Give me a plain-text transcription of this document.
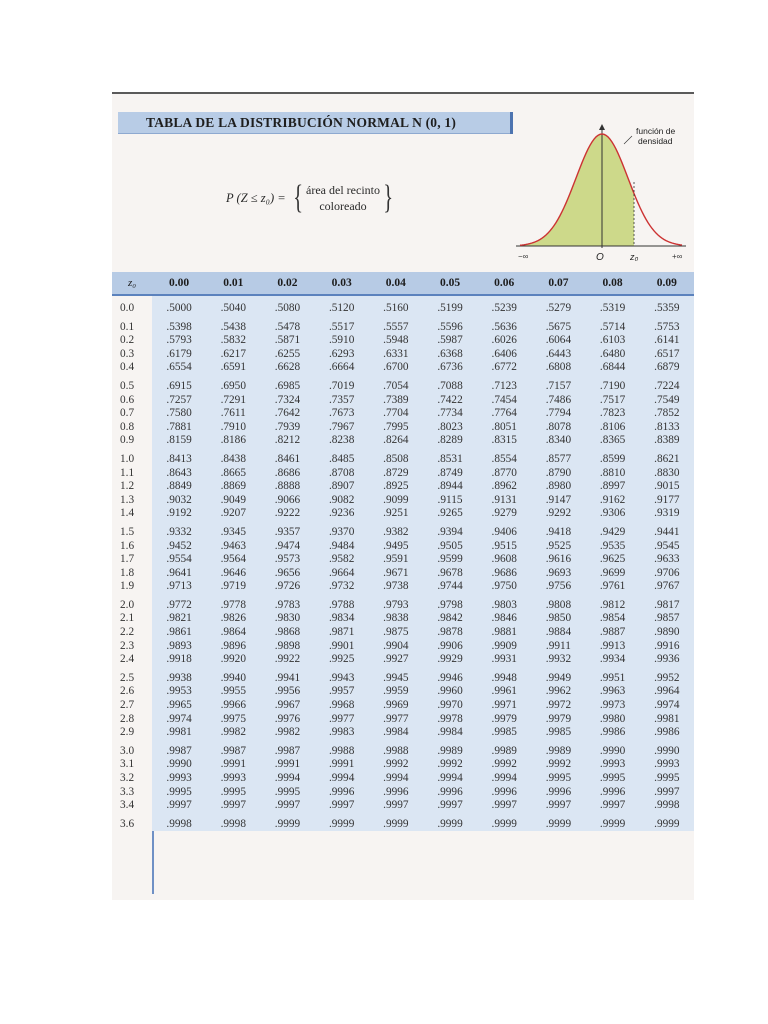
TABLA DE LA DISTRIBUCIÓN NORMAL N (0, 1)
P (Z ≤ z₀) = { área del recinto
coloreado }
función de
densidad
−∞	O	z₀	+∞
z₀	0.00	0.01	0.02	0.03	0.04	0.05	0.06	0.07	0.08	0.09
0.0	.5000	.5040	.5080	.5120	.5160	.5199	.5239	.5279	.5319	.5359
0.1	.5398	.5438	.5478	.5517	.5557	.5596	.5636	.5675	.5714	.5753
0.2	.5793	.5832	.5871	.5910	.5948	.5987	.6026	.6064	.6103	.6141
0.3	.6179	.6217	.6255	.6293	.6331	.6368	.6406	.6443	.6480	.6517
0.4	.6554	.6591	.6628	.6664	.6700	.6736	.6772	.6808	.6844	.6879
0.5	.6915	.6950	.6985	.7019	.7054	.7088	.7123	.7157	.7190	.7224
0.6	.7257	.7291	.7324	.7357	.7389	.7422	.7454	.7486	.7517	.7549
0.7	.7580	.7611	.7642	.7673	.7704	.7734	.7764	.7794	.7823	.7852
0.8	.7881	.7910	.7939	.7967	.7995	.8023	.8051	.8078	.8106	.8133
0.9	.8159	.8186	.8212	.8238	.8264	.8289	.8315	.8340	.8365	.8389
1.0	.8413	.8438	.8461	.8485	.8508	.8531	.8554	.8577	.8599	.8621
1.1	.8643	.8665	.8686	.8708	.8729	.8749	.8770	.8790	.8810	.8830
1.2	.8849	.8869	.8888	.8907	.8925	.8944	.8962	.8980	.8997	.9015
1.3	.9032	.9049	.9066	.9082	.9099	.9115	.9131	.9147	.9162	.9177
1.4	.9192	.9207	.9222	.9236	.9251	.9265	.9279	.9292	.9306	.9319
1.5	.9332	.9345	.9357	.9370	.9382	.9394	.9406	.9418	.9429	.9441
1.6	.9452	.9463	.9474	.9484	.9495	.9505	.9515	.9525	.9535	.9545
1.7	.9554	.9564	.9573	.9582	.9591	.9599	.9608	.9616	.9625	.9633
1.8	.9641	.9646	.9656	.9664	.9671	.9678	.9686	.9693	.9699	.9706
1.9	.9713	.9719	.9726	.9732	.9738	.9744	.9750	.9756	.9761	.9767
2.0	.9772	.9778	.9783	.9788	.9793	.9798	.9803	.9808	.9812	.9817
2.1	.9821	.9826	.9830	.9834	.9838	.9842	.9846	.9850	.9854	.9857
2.2	.9861	.9864	.9868	.9871	.9875	.9878	.9881	.9884	.9887	.9890
2.3	.9893	.9896	.9898	.9901	.9904	.9906	.9909	.9911	.9913	.9916
2.4	.9918	.9920	.9922	.9925	.9927	.9929	.9931	.9932	.9934	.9936
2.5	.9938	.9940	.9941	.9943	.9945	.9946	.9948	.9949	.9951	.9952
2.6	.9953	.9955	.9956	.9957	.9959	.9960	.9961	.9962	.9963	.9964
2.7	.9965	.9966	.9967	.9968	.9969	.9970	.9971	.9972	.9973	.9974
2.8	.9974	.9975	.9976	.9977	.9977	.9978	.9979	.9979	.9980	.9981
2.9	.9981	.9982	.9982	.9983	.9984	.9984	.9985	.9985	.9986	.9986
3.0	.9987	.9987	.9987	.9988	.9988	.9989	.9989	.9989	.9990	.9990
3.1	.9990	.9991	.9991	.9991	.9992	.9992	.9992	.9992	.9993	.9993
3.2	.9993	.9993	.9994	.9994	.9994	.9994	.9994	.9995	.9995	.9995
3.3	.9995	.9995	.9995	.9996	.9996	.9996	.9996	.9996	.9996	.9997
3.4	.9997	.9997	.9997	.9997	.9997	.9997	.9997	.9997	.9997	.9998
3.6	.9998	.9998	.9999	.9999	.9999	.9999	.9999	.9999	.9999	.9999
